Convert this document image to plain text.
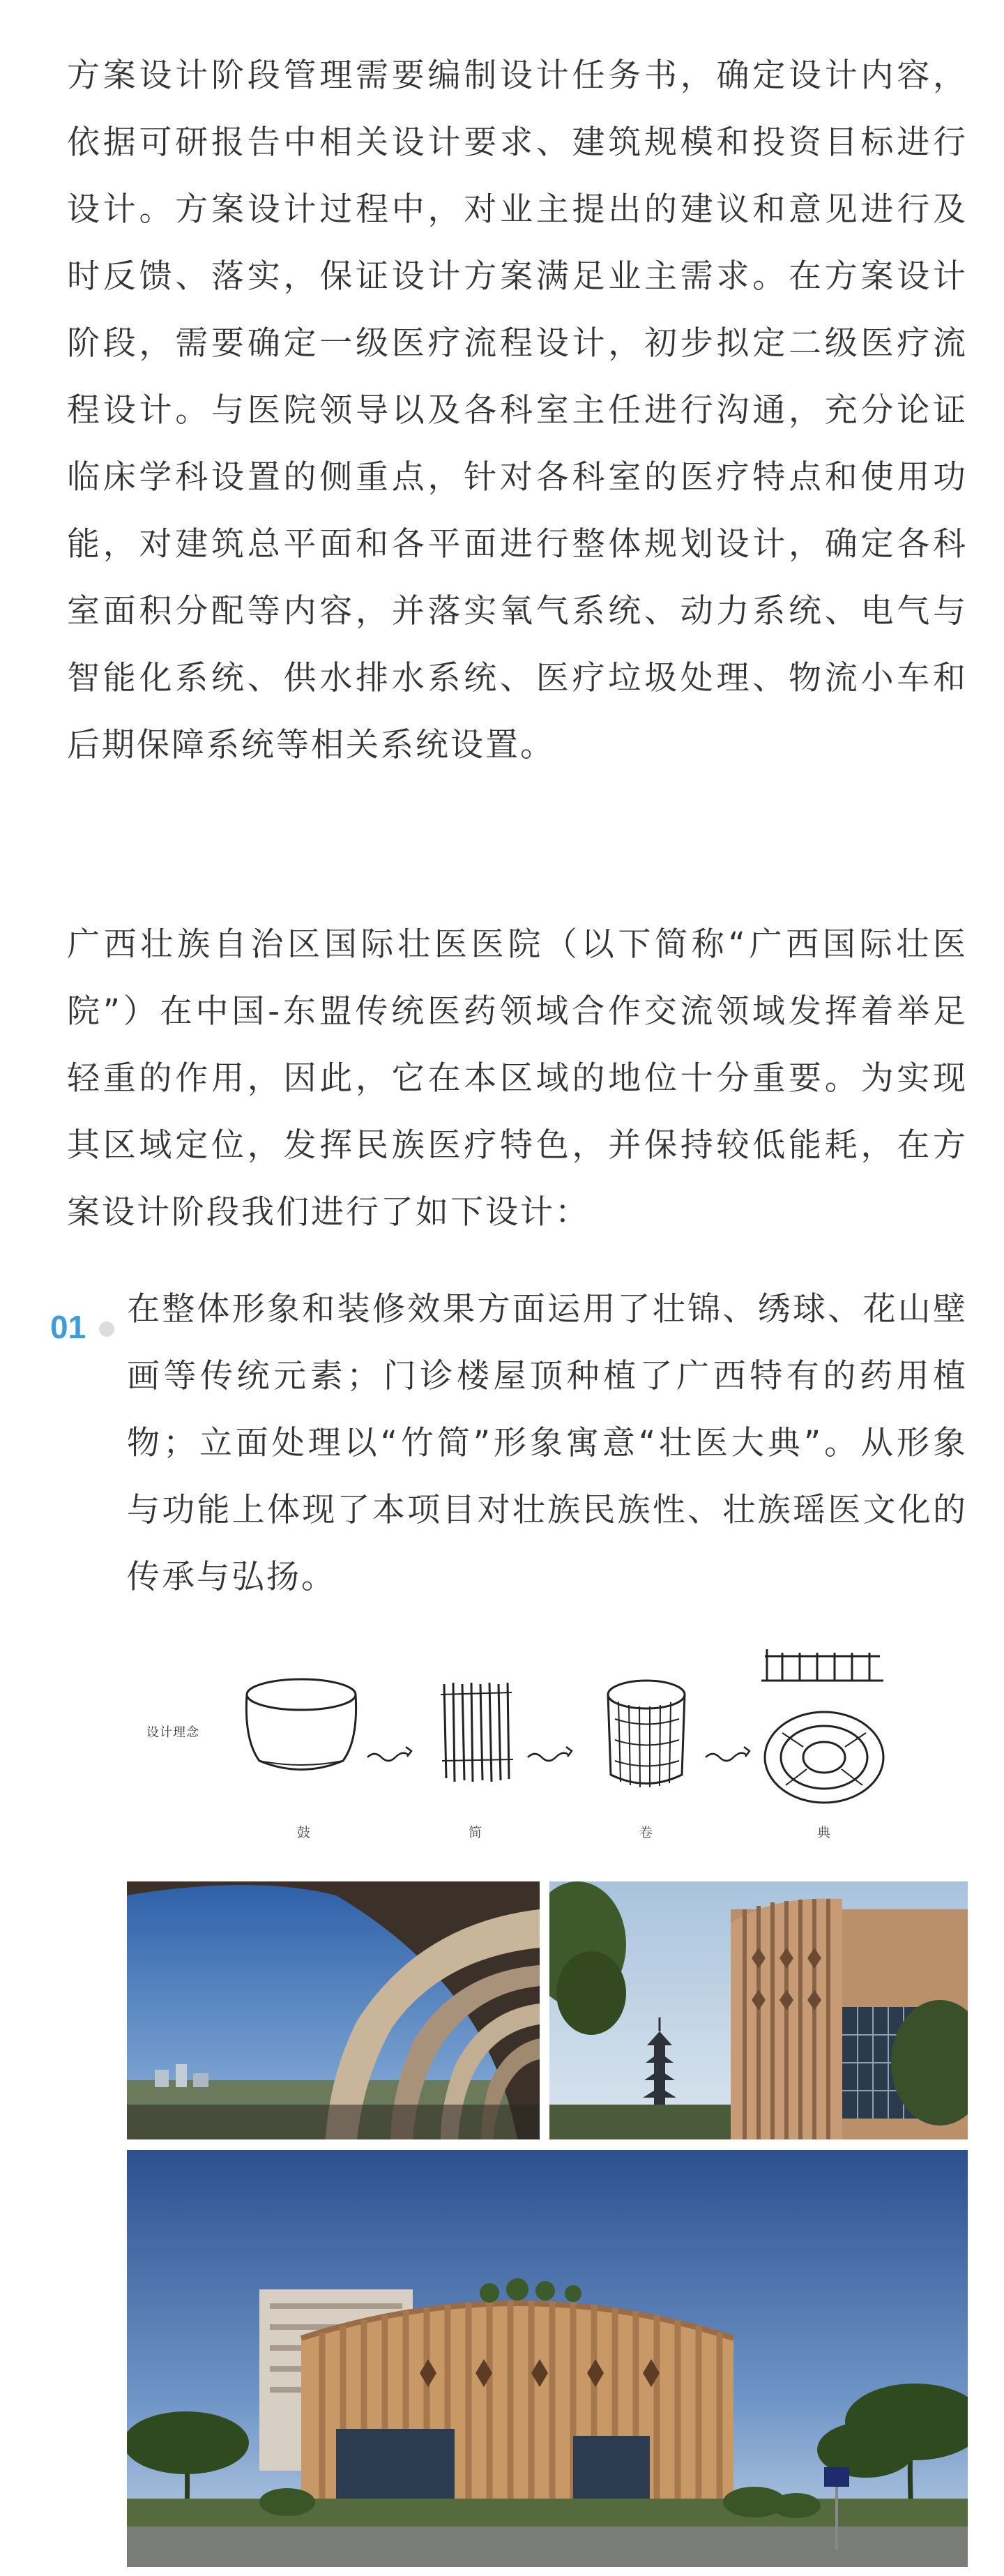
方案设计阶段管理需要编制设计任务书，确定设计内容，依据可研报告中相关设计要求、建筑规模和投资目标进行设计。方案设计过程中，对业主提出的建议和意见进行及时反馈、落实，保证设计方案满足业主需求。在方案设计阶段，需要确定一级医疗流程设计，初步拟定二级医疗流程设计。与医院领导以及各科室主任进行沟通，充分论证临床学科设置的侧重点，针对各科室的医疗特点和使用功能，对建筑总平面和各平面进行整体规划设计，确定各科室面积分配等内容，并落实氧气系统、动力系统、电气与智能化系统、供水排水系统、医疗垃圾处理、物流小车和后期保障系统等相关系统设置。

广西壮族自治区国际壮医医院（以下简称“广西国际壮医院”）在中国-东盟传统医药领域合作交流领域发挥着举足轻重的作用，因此，它在本区域的地位十分重要。为实现其区域定位，发挥民族医疗特色，并保持较低能耗，在方案设计阶段我们进行了如下设计：

01 在整体形象和装修效果方面运用了壮锦、绣球、花山壁画等传统元素；门诊楼屋顶种植了广西特有的药用植物；立面处理以“竹简”形象寓意“壮医大典”。从形象与功能上体现了本项目对壮族民族性、壮族瑶医文化的传承与弘扬。

设计理念
鼓	简	卷	典
